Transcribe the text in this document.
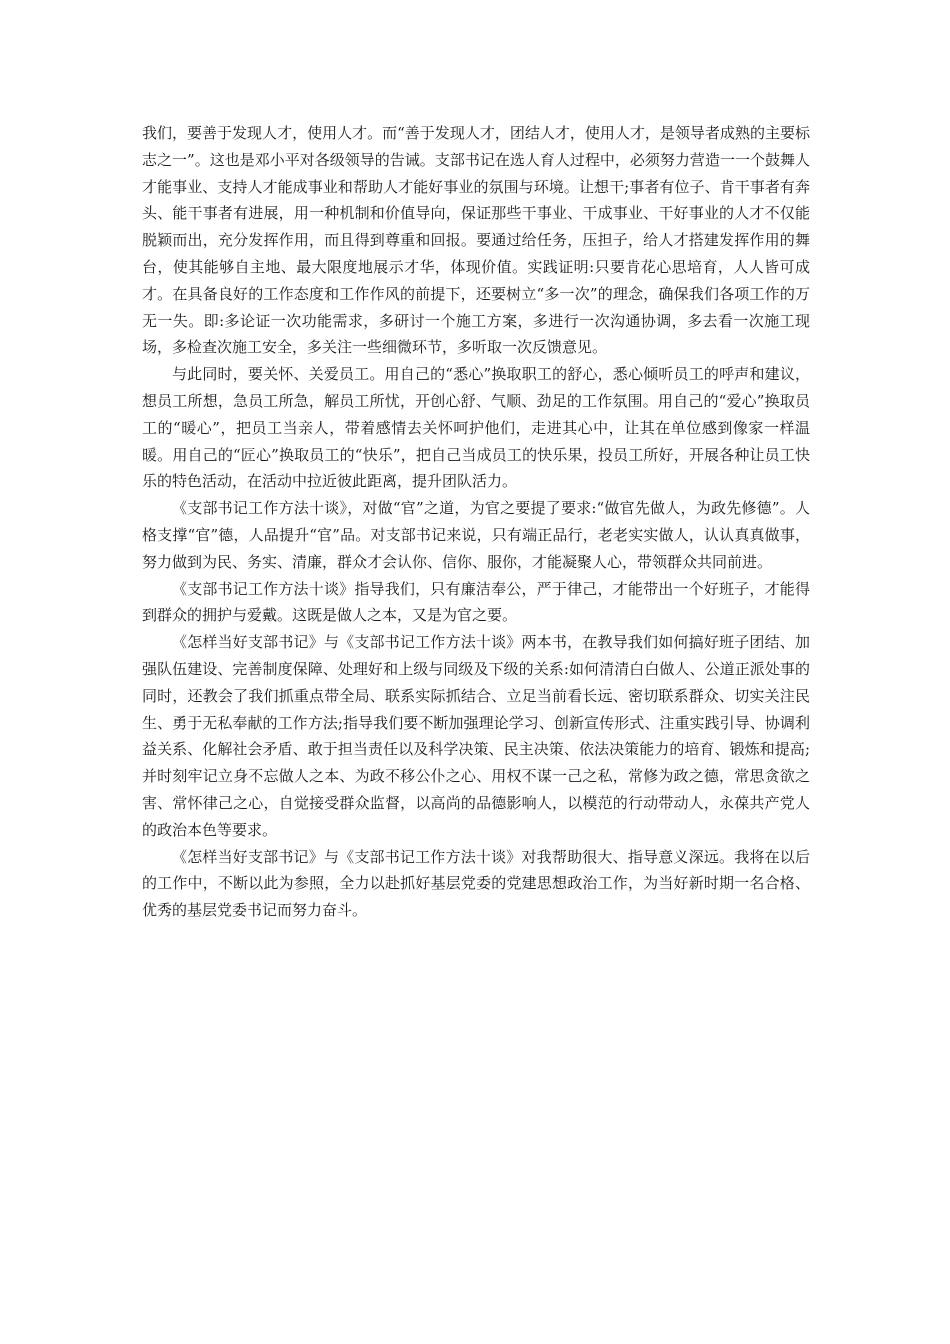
我们，要善于发现人才，使用人才。而“善于发现人才，团结人才，使用人才，是领导者成熟的主要标志之一”。这也是邓小平对各级领导的告诫。支部书记在选人育人过程中，必须努力营造一一个鼓舞人才能事业、支持人才能成事业和帮助人才能好事业的氛围与环境。让想干;事者有位子、肯干事者有奔头、能干事者有进展，用一种机制和价值导向，保证那些干事业、干成事业、干好事业的人才不仅能脱颖而出，充分发挥作用，而且得到尊重和回报。要通过给任务，压担子，给人才搭建发挥作用的舞台，使其能够自主地、最大限度地展示才华，体现价值。实践证明:只要肯花心思培育，人人皆可成才。在具备良好的工作态度和工作作风的前提下，还要树立“多一次”的理念，确保我们各项工作的万无一失。即:多论证一次功能需求，多研讨一个施工方案，多进行一次沟通协调，多去看一次施工现场，多检查次施工安全，多关注一些细微环节，多听取一次反馈意见。

与此同时，要关怀、关爱员工。用自己的“悉心”换取职工的舒心，悉心倾听员工的呼声和建议，想员工所想，急员工所急，解员工所忧，开创心舒、气顺、劲足的工作氛围。用自己的“爱心”换取员工的“暖心”，把员工当亲人，带着感情去关怀呵护他们，走进其心中，让其在单位感到像家一样温暖。用自己的“匠心”换取员工的“快乐”，把自己当成员工的快乐果，投员工所好，开展各种让员工快乐的特色活动，在活动中拉近彼此距离，提升团队活力。

《支部书记工作方法十谈》，对做“官”之道，为官之要提了要求:“做官先做人，为政先修德”。人格支撑“官”德，人品提升“官”品。对支部书记来说，只有端正品行，老老实实做人，认认真真做事，努力做到为民、务实、清廉，群众才会认你、信你、服你，才能凝聚人心，带领群众共同前进。

《支部书记工作方法十谈》指导我们，只有廉洁奉公，严于律己，才能带出一个好班子，才能得到群众的拥护与爱戴。这既是做人之本，又是为官之要。

《怎样当好支部书记》与《支部书记工作方法十谈》两本书，在教导我们如何搞好班子团结、加强队伍建设、完善制度保障、处理好和上级与同级及下级的关系:如何清清白白做人、公道正派处事的同时，还教会了我们抓重点带全局、联系实际抓结合、立足当前看长远、密切联系群众、切实关注民生、勇于无私奉献的工作方法;指导我们要不断加强理论学习、创新宣传形式、注重实践引导、协调利益关系、化解社会矛盾、敢于担当责任以及科学决策、民主决策、依法决策能力的培育、锻炼和提高;并时刻牢记立身不忘做人之本、为政不移公仆之心、用权不谋一己之私，常修为政之德，常思贪欲之害、常怀律己之心，自觉接受群众监督，以高尚的品德影响人，以模范的行动带动人，永葆共产党人的政治本色等要求。

《怎样当好支部书记》与《支部书记工作方法十谈》对我帮助很大、指导意义深远。我将在以后的工作中，不断以此为参照，全力以赴抓好基层党委的党建思想政治工作，为当好新时期一名合格、优秀的基层党委书记而努力奋斗。
